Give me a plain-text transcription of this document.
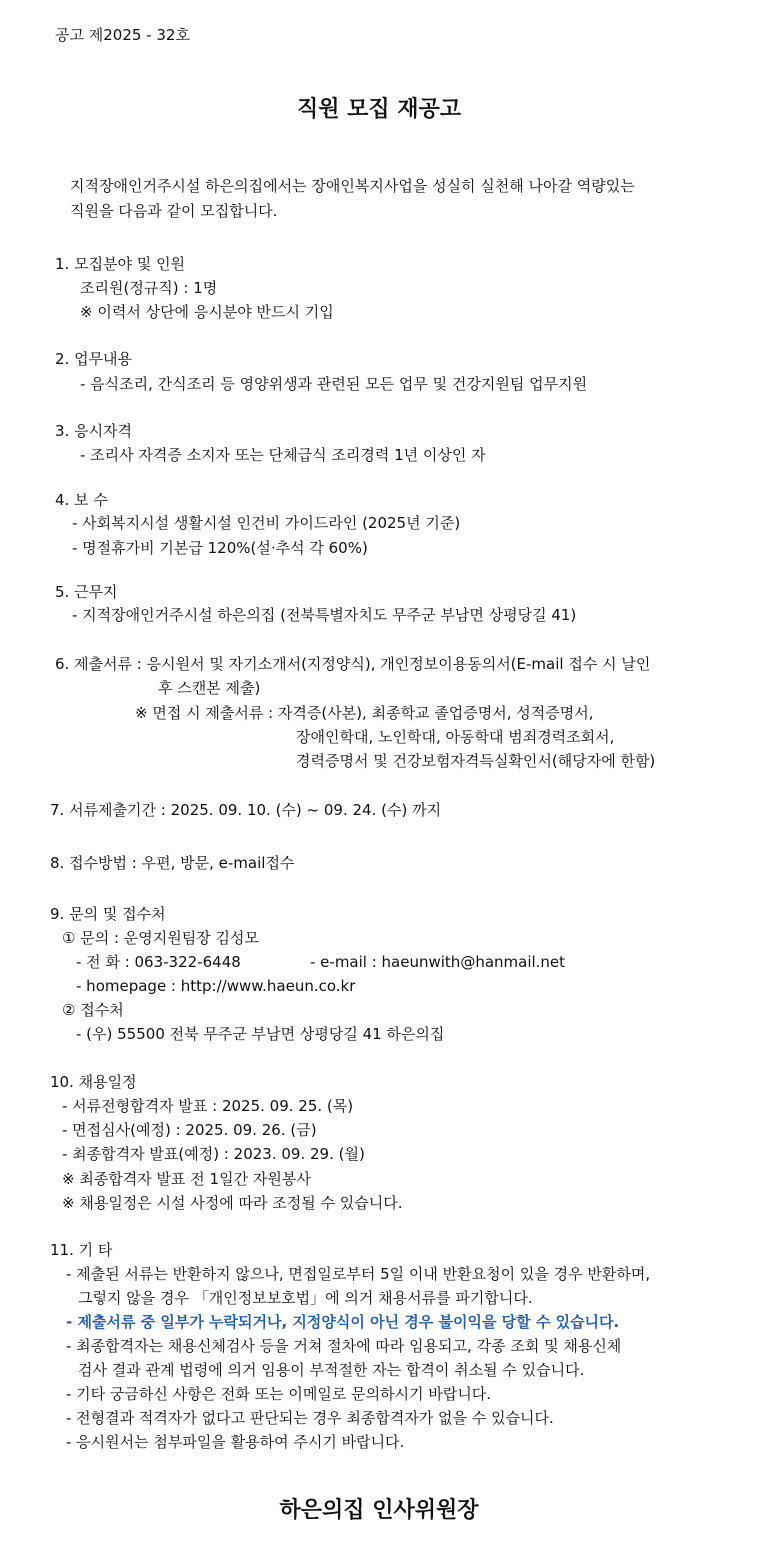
공고 제2025 - 32호
직원 모집 재공고
지적장애인거주시설 하은의집에서는 장애인복지사업을 성실히 실천해 나아갈 역량있는
직원을 다음과 같이 모집합니다.
1. 모집분야 및 인원
조리원(정규직) : 1명
※ 이력서 상단에 응시분야 반드시 기입
2. 업무내용
- 음식조리, 간식조리 등 영양위생과 관련된 모든 업무 및 건강지원팀 업무지원
3. 응시자격
- 조리사 자격증 소지자 또는 단체급식 조리경력 1년 이상인 자
4. 보 수
- 사회복지시설 생활시설 인건비 가이드라인 (2025년 기준)
- 명절휴가비 기본급 120%(설·추석 각 60%)
5. 근무지
- 지적장애인거주시설 하은의집 (전북특별자치도 무주군 부남면 상평당길 41)
6. 제출서류 : 응시원서 및 자기소개서(지정양식), 개인정보이용동의서(E-mail 접수 시 날인
후 스캔본 제출)
※ 면접 시 제출서류 : 자격증(사본), 최종학교 졸업증명서, 성적증명서,
장애인학대, 노인학대, 아동학대 범죄경력조회서,
경력증명서 및 건강보험자격득실확인서(해당자에 한함)
7. 서류제출기간 : 2025. 09. 10. (수) ~ 09. 24. (수) 까지
8. 접수방법 : 우편, 방문, e-mail접수
9. 문의 및 접수처
① 문의 : 운영지원팀장 김성모
- 전 화 : 063-322-6448	- e-mail : haeunwith@hanmail.net
- homepage : http://www.haeun.co.kr
② 접수처
- (우) 55500 전북 무주군 부남면 상평당길 41 하은의집
10. 채용일정
- 서류전형합격자 발표 : 2025. 09. 25. (목)
- 면접심사(예정) : 2025. 09. 26. (금)
- 최종합격자 발표(예정) : 2023. 09. 29. (월)
※ 최종합격자 발표 전 1일간 자원봉사
※ 채용일정은 시설 사정에 따라 조정될 수 있습니다.
11. 기 타
- 제출된 서류는 반환하지 않으나, 면접일로부터 5일 이내 반환요청이 있을 경우 반환하며,
그렇지 않을 경우 「개인정보보호법」에 의거 채용서류를 파기합니다.
- 제출서류 중 일부가 누락되거나, 지정양식이 아닌 경우 불이익을 당할 수 있습니다.
- 최종합격자는 채용신체검사 등을 거쳐 절차에 따라 임용되고, 각종 조회 및 채용신체
검사 결과 관계 법령에 의거 임용이 부적절한 자는 합격이 취소될 수 있습니다.
- 기타 궁금하신 사항은 전화 또는 이메일로 문의하시기 바랍니다.
- 전형결과 적격자가 없다고 판단되는 경우 최종합격자가 없을 수 있습니다.
- 응시원서는 첨부파일을 활용하여 주시기 바랍니다.
하은의집 인사위원장
